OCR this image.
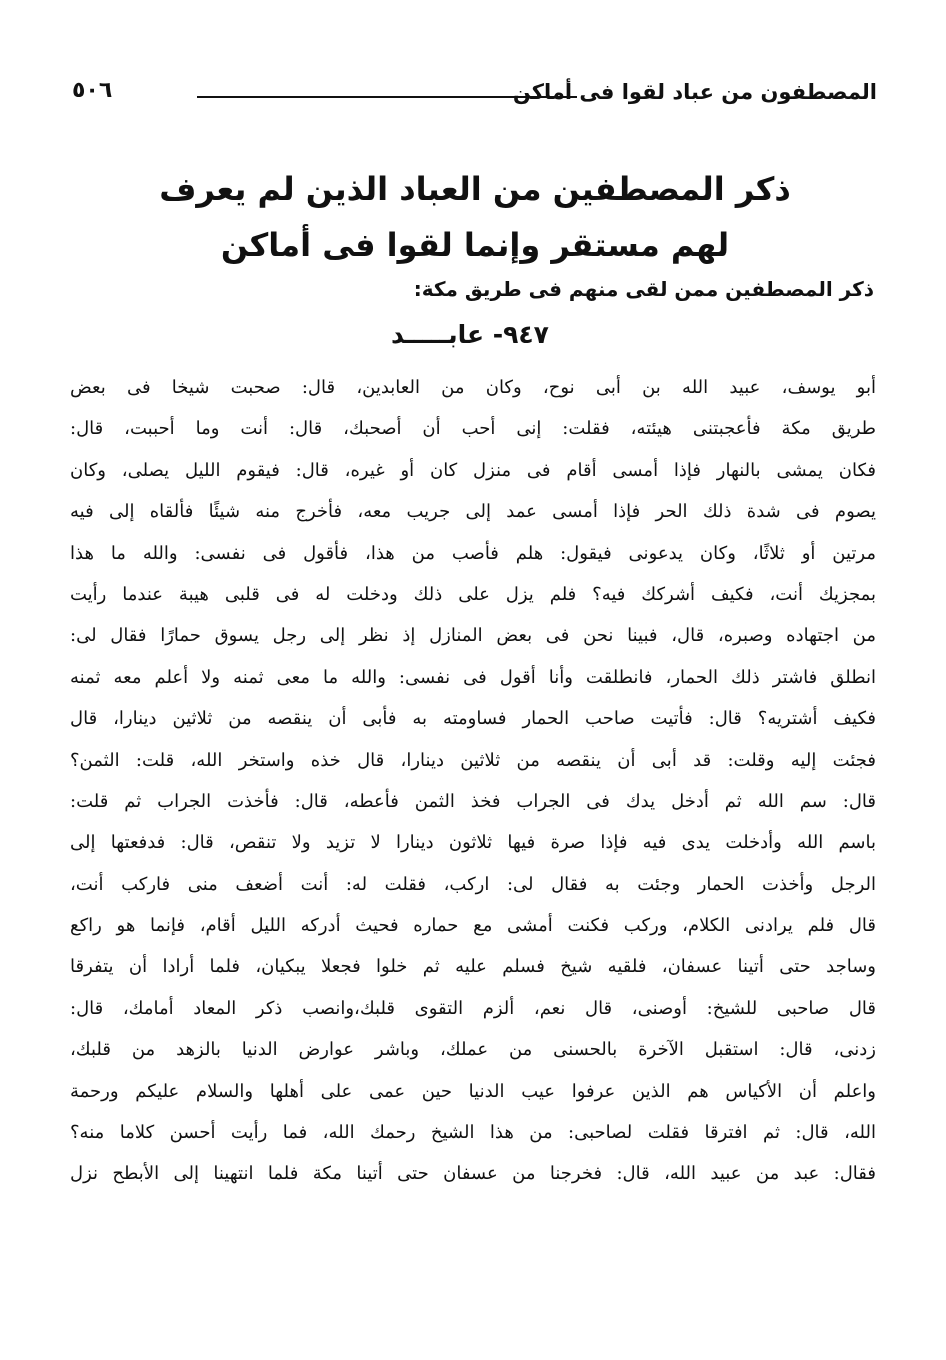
المصطفون من عباد لقوا فى أماكن
٥٠٦
ذكر المصطفين من العباد الذين لم يعرف
لهم مستقر وإنما لقوا فى أماكن
ذكر المصطفين ممن لقى منهم فى طريق مكة:
٩٤٧- عابـــــد
أبو يوسف، عبيد الله بن أبى نوح، وكان من العابدين، قال: صحبت شيخا فى بعض
طريق مكة فأعجبتنى هيئته، فقلت: إنى أحب أن أصحبك، قال: أنت وما أحببت، قال:
فكان يمشى بالنهار فإذا أمسى أقام فى منزل كان أو غيره، قال: فيقوم الليل يصلى، وكان
يصوم فى شدة ذلك الحر فإذا أمسى عمد إلى جريب معه، فأخرج منه شيئًا فألقاه إلى فيه
مرتين أو ثلاثًا، وكان يدعونى فيقول: هلم فأصب من هذا، فأقول فى نفسى: والله ما هذا
بمجزيك أنت، فكيف أشركك فيه؟ فلم يزل على ذلك ودخلت له فى قلبى هيبة عندما رأيت
من اجتهاده وصبره، قال، فبينا نحن فى بعض المنازل إذ نظر إلى رجل يسوق حمارًا فقال لى:
انطلق فاشتر ذلك الحمار، فانطلقت وأنا أقول فى نفسى: والله ما معى ثمنه ولا أعلم معه ثمنه
فكيف أشتريه؟ قال: فأتيت صاحب الحمار فساومته به فأبى أن ينقصه من ثلاثين دينارا، قال
فجئت إليه وقلت: قد أبى أن ينقصه من ثلاثين دينارا، قال خذه واستخر الله، قلت: الثمن؟
قال: سم الله ثم أدخل يدك فى الجراب فخذ الثمن فأعطه، قال: فأخذت الجراب ثم قلت:
باسم الله وأدخلت يدى فيه فإذا صرة فيها ثلاثون دينارا لا تزيد ولا تنقص، قال: فدفعتها إلى
الرجل وأخذت الحمار وجئت به فقال لى: اركب، فقلت له: أنت أضعف منى فاركب أنت،
قال فلم يرادنى الكلام، وركب فكنت أمشى مع حماره فحيث أدركه الليل أقام، فإنما هو راكع
وساجد حتى أتينا عسفان، فلقيه شيخ فسلم عليه ثم خلوا فجعلا يبكيان، فلما أرادا أن يتفرقا
قال صاحبى للشيخ: أوصنى، قال نعم، ألزم التقوى قلبك،وانصب ذكر المعاد أمامك، قال:
زدنى، قال: استقبل الآخرة بالحسنى من عملك، وباشر عوارض الدنيا بالزهد من قلبك،
واعلم أن الأكياس هم الذين عرفوا عيب الدنيا حين عمى على أهلها والسلام عليكم ورحمة
الله، قال: ثم افترقا فقلت لصاحبى: من هذا الشيخ رحمك الله، فما رأيت أحسن كلاما منه؟
فقال: عبد من عبيد الله، قال: فخرجنا من عسفان حتى أتينا مكة فلما انتهينا إلى الأبطح نزل
